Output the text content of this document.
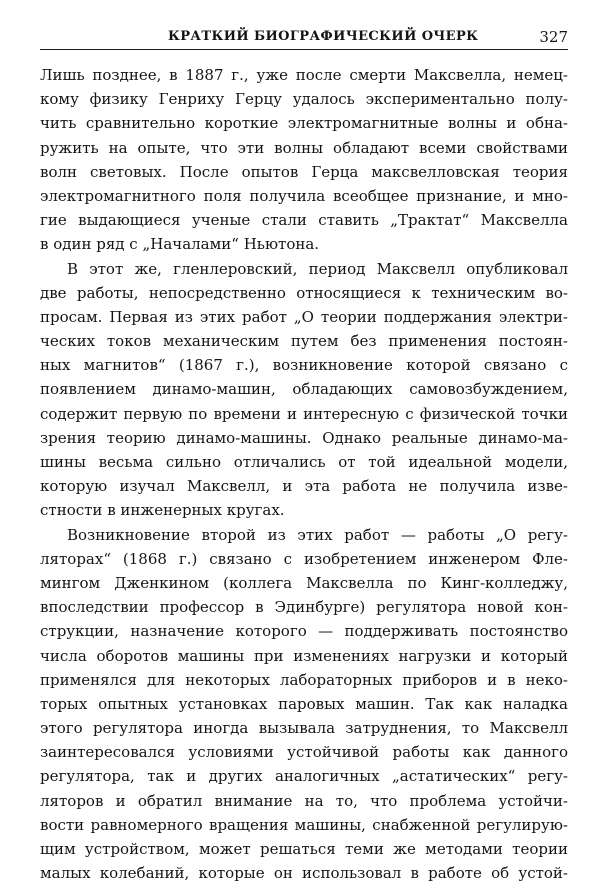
КРАТКИЙ БИОГРАФИЧЕСКИЙ ОЧЕРК	327
Лишь позднее, в 1887 г., уже после смерти Максвелла, немец-
кому физику Генриху Герцу удалось экспериментально полу-
чить сравнительно короткие электромагнитные волны и обна-
ружить на опыте, что эти волны обладают всеми свойствами
волн световых. После опытов Герца максвелловская теория
электромагнитного поля получила всеобщее признание, и мно-
гие выдающиеся ученые стали ставить „Трактат“ Максвелла
в один ряд с „Началами“ Ньютона.
В этот же, гленлеровский, период Максвелл опубликовал
две работы, непосредственно относящиеся к техническим во-
просам. Первая из этих работ „О теории поддержания электри-
ческих токов механическим путем без применения постоян-
ных магнитов“ (1867 г.), возникновение которой связано с
появлением динамо-машин, обладающих самовозбуждением,
содержит первую по времени и интересную с физической точки
зрения теорию динамо-машины. Однако реальные динамо-ма-
шины весьма сильно отличались от той идеальной модели,
которую изучал Максвелл, и эта работа не получила изве-
стности в инженерных кругах.
Возникновение второй из этих работ — работы „О регу-
ляторах“ (1868 г.) связано с изобретением инженером Фле-
мингом Дженкином (коллега Максвелла по Кинг-колледжу,
впоследствии профессор в Эдинбурге) регулятора новой кон-
струкции, назначение которого — поддерживать постоянство
числа оборотов машины при изменениях нагрузки и который
применялся для некоторых лабораторных приборов и в неко-
торых опытных установках паровых машин. Так как наладка
этого регулятора иногда вызывала затруднения, то Максвелл
заинтересовался условиями устойчивой работы как данного
регулятора, так и других аналогичных „астатических“ регу-
ляторов и обратил внимание на то, что проблема устойчи-
вости равномерного вращения машины, снабженной регулирую-
щим устройством, может решаться теми же методами теории
малых колебаний, которые он использовал в работе об устой-
